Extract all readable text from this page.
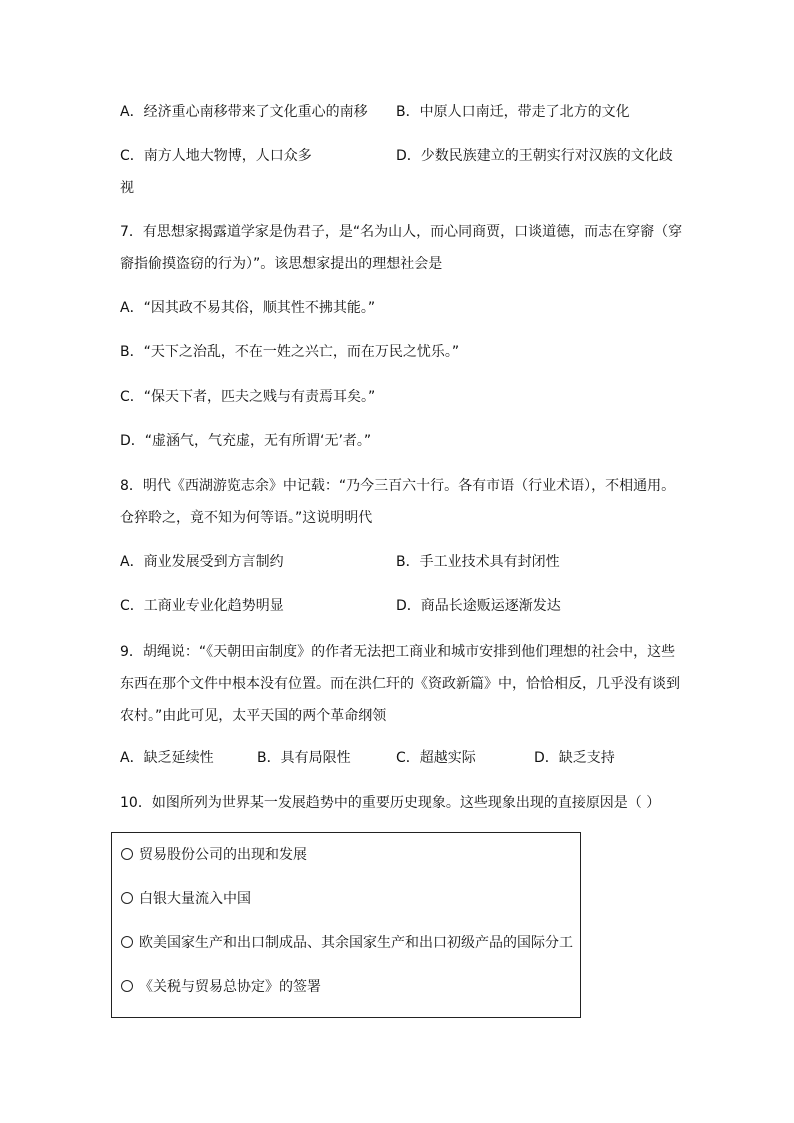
A．经济重心南移带来了文化重心的南移 B．中原人口南迁，带走了北方的文化
C．南方人地大物博，人口众多	D．少数民族建立的王朝实行对汉族的文化歧
视
7．有思想家揭露道学家是伪君子，是“名为山人，而心同商贾，口谈道德，而志在穿窬（穿
窬指偷摸盗窃的行为）”。该思想家提出的理想社会是
A．“因其政不易其俗，顺其性不拂其能。”
B．“天下之治乱，不在一姓之兴亡，而在万民之忧乐。”
C．“保天下者，匹夫之贱与有责焉耳矣。”
D．“虚涵气，气充虚，无有所谓‘无’者。”
8．明代《西湖游览志余》中记载：“乃今三百六十行。各有市语（行业术语），不相通用。
仓猝聆之，竟不知为何等语。”这说明明代
A．商业发展受到方言制约	B．手工业技术具有封闭性
C．工商业专业化趋势明显	D．商品长途贩运逐渐发达
9．胡绳说：“《天朝田亩制度》的作者无法把工商业和城市安排到他们理想的社会中，这些
东西在那个文件中根本没有位置。而在洪仁玕的《资政新篇》中，恰恰相反，几乎没有谈到
农村。”由此可见，太平天国的两个革命纲领
A．缺乏延续性	B．具有局限性	C．超越实际	D．缺乏支持
10．如图所列为世界某一发展趋势中的重要历史现象。这些现象出现的直接原因是（ ）
贸易股份公司的出现和发展
白银大量流入中国
欧美国家生产和出口制成品、其余国家生产和出口初级产品的国际分工
《关税与贸易总协定》的签署
